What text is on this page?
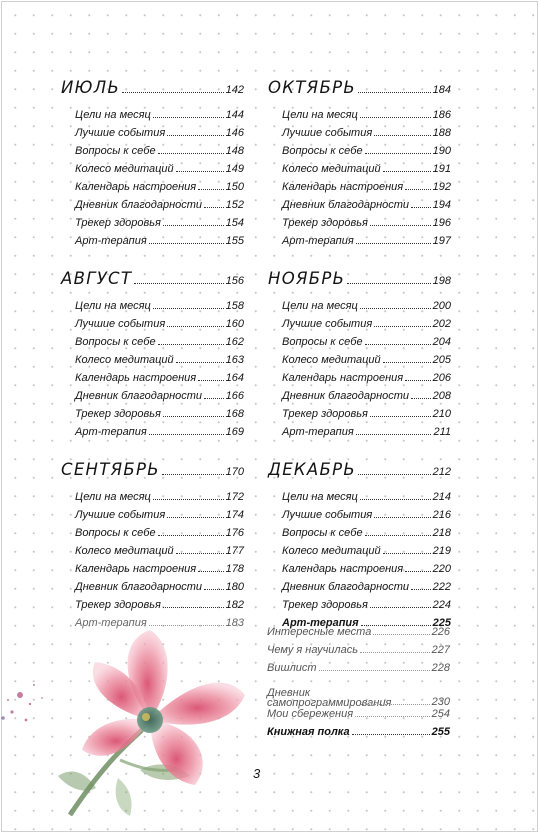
ИЮЛЬ	142
Цели на месяц	144
Лучшие события	146
Вопросы к себе	148
Колесо медитаций	149
Календарь настроения	150
Дневник благодарности 152
Трекер здоровья	154
Арт-терапия	155
АВГУСТ	156
Цели на месяц	158
Лучшие события	160
Вопросы к себе	162
Колесо медитаций	163
Календарь настроения	164
Дневник благодарности 166
Трекер здоровья	168
Арт-терапия	169
СЕНТЯБРЬ	170
Цели на месяц	172
Лучшие события	174
Вопросы к себе	176
Колесо медитаций	177
Календарь настроения	178
Дневник благодарности 180
Трекер здоровья	182
Арт-терапия	183
ОКТЯБРЬ	184
Цели на месяц	186
Лучшие события	188
Вопросы к себе	190
Колесо медитаций	191
Календарь настроения	192
Дневник благодарности 194
Трекер здоровья	196
Арт-терапия	197
НОЯБРЬ	198
Цели на месяц	200
Лучшие события	202
Вопросы к себе	204
Колесо медитаций	205
Календарь настроения	206
Дневник благодарности 208
Трекер здоровья	210
Арт-терапия	211
ДЕКАБРЬ	212
Цели на месяц	214
Лучшие события	216
Вопросы к себе	218
Колесо медитаций	219
Календарь настроения	220
Дневник благодарности 222
Трекер здоровья	224
Арт-терапия	225
Интересные места	226
Чему я научилась	227
Вишлист	228
Дневник самопрограммирования	230
Мои сбережения	254
Книжная полка	255
3
